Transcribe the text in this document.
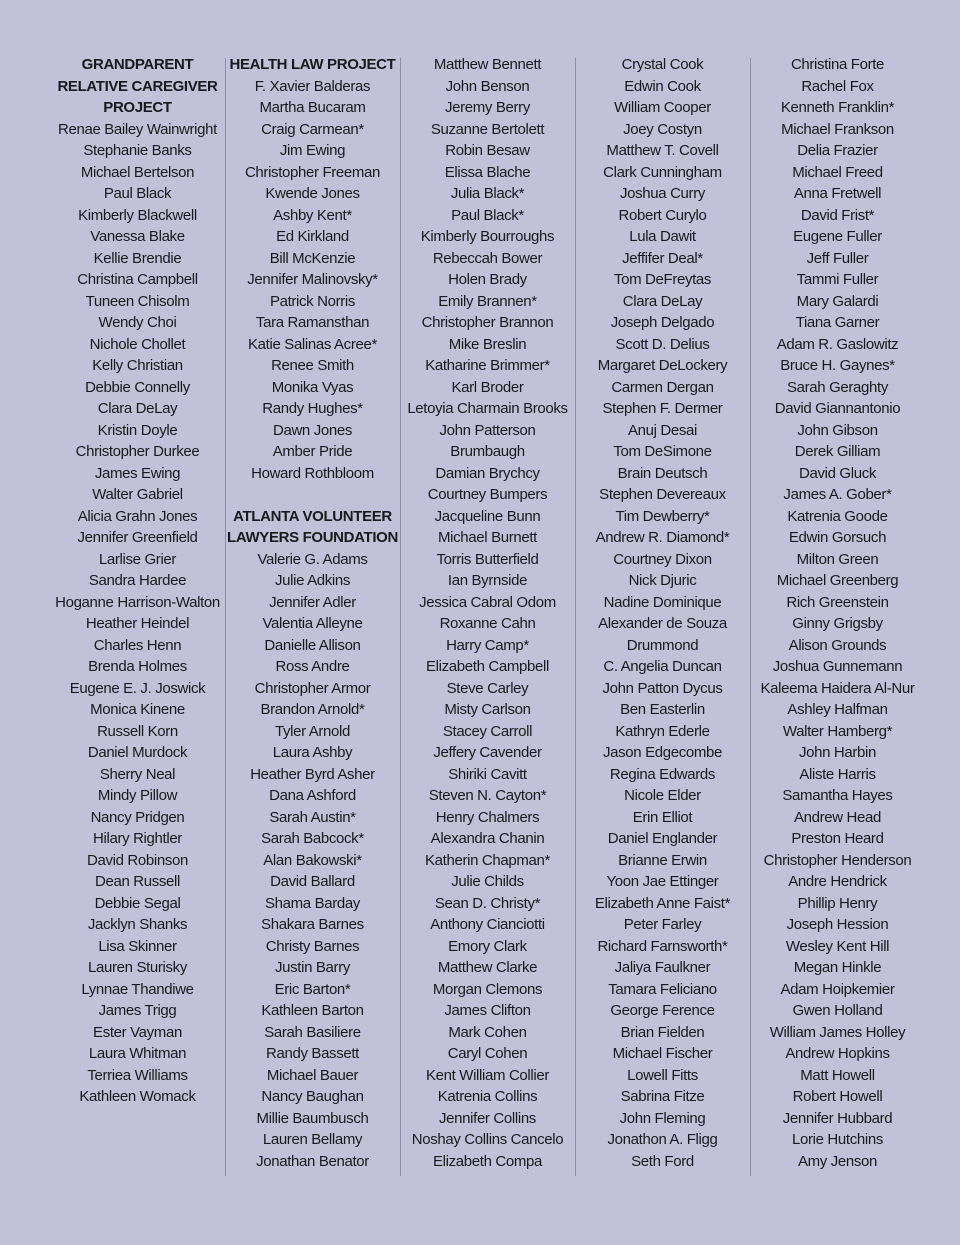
GRANDPARENT
RELATIVE CAREGIVER
PROJECT
Renae Bailey Wainwright
Stephanie Banks
Michael Bertelson
Paul Black
Kimberly Blackwell
Vanessa Blake
Kellie Brendie
Christina Campbell
Tuneen Chisolm
Wendy Choi
Nichole Chollet
Kelly Christian
Debbie Connelly
Clara DeLay
Kristin Doyle
Christopher Durkee
James Ewing
Walter Gabriel
Alicia Grahn Jones
Jennifer Greenfield
Larlise Grier
Sandra Hardee
Hoganne Harrison-Walton
Heather Heindel
Charles Henn
Brenda Holmes
Eugene E. J. Joswick
Monica Kinene
Russell Korn
Daniel Murdock
Sherry Neal
Mindy Pillow
Nancy Pridgen
Hilary Rightler
David Robinson
Dean Russell
Debbie Segal
Jacklyn Shanks
Lisa Skinner
Lauren Sturisky
Lynnae Thandiwe
James Trigg
Ester Vayman
Laura Whitman
Terriea Williams
Kathleen Womack
HEALTH LAW PROJECT
F. Xavier Balderas
Martha Bucaram
Craig Carmean*
Jim Ewing
Christopher Freeman
Kwende Jones
Ashby Kent*
Ed Kirkland
Bill McKenzie
Jennifer Malinovsky*
Patrick Norris
Tara Ramansthan
Katie Salinas Acree*
Renee Smith
Monika Vyas
Randy Hughes*
Dawn Jones
Amber Pride
Howard Rothbloom
ATLANTA VOLUNTEER
LAWYERS FOUNDATION
Valerie G. Adams
Julie Adkins
Jennifer Adler
Valentia Alleyne
Danielle Allison
Ross Andre
Christopher Armor
Brandon Arnold*
Tyler Arnold
Laura Ashby
Heather Byrd Asher
Dana Ashford
Sarah Austin*
Sarah Babcock*
Alan Bakowski*
David Ballard
Shama Barday
Shakara Barnes
Christy Barnes
Justin Barry
Eric Barton*
Kathleen Barton
Sarah Basiliere
Randy Bassett
Michael Bauer
Nancy Baughan
Millie Baumbusch
Lauren Bellamy
Jonathan Benator
Matthew Bennett
John Benson
Jeremy Berry
Suzanne Bertolett
Robin Besaw
Elissa Blache
Julia Black*
Paul Black*
Kimberly Bourroughs
Rebeccah Bower
Holen Brady
Emily Brannen*
Christopher Brannon
Mike Breslin
Katharine Brimmer*
Karl Broder
Letoyia Charmain Brooks
John Patterson
Brumbaugh
Damian Brychcy
Courtney Bumpers
Jacqueline Bunn
Michael Burnett
Torris Butterfield
Ian Byrnside
Jessica Cabral Odom
Roxanne Cahn
Harry Camp*
Elizabeth Campbell
Steve Carley
Misty Carlson
Stacey Carroll
Jeffery Cavender
Shiriki Cavitt
Steven N. Cayton*
Henry Chalmers
Alexandra Chanin
Katherin Chapman*
Julie Childs
Sean D. Christy*
Anthony Cianciotti
Emory Clark
Matthew Clarke
Morgan Clemons
James Clifton
Mark Cohen
Caryl Cohen
Kent William Collier
Katrenia Collins
Jennifer Collins
Noshay Collins Cancelo
Elizabeth Compa
Crystal Cook
Edwin Cook
William Cooper
Joey Costyn
Matthew T. Covell
Clark Cunningham
Joshua Curry
Robert Curylo
Lula Dawit
Jeffifer Deal*
Tom DeFreytas
Clara DeLay
Joseph Delgado
Scott D. Delius
Margaret DeLockery
Carmen Dergan
Stephen F. Dermer
Anuj Desai
Tom DeSimone
Brain Deutsch
Stephen Devereaux
Tim Dewberry*
Andrew R. Diamond*
Courtney Dixon
Nick Djuric
Nadine Dominique
Alexander de Souza
Drummond
C. Angelia Duncan
John Patton Dycus
Ben Easterlin
Kathryn Ederle
Jason Edgecombe
Regina Edwards
Nicole Elder
Erin Elliot
Daniel Englander
Brianne Erwin
Yoon Jae Ettinger
Elizabeth Anne Faist*
Peter Farley
Richard Farnsworth*
Jaliya Faulkner
Tamara Feliciano
George Ference
Brian Fielden
Michael Fischer
Lowell Fitts
Sabrina Fitze
John Fleming
Jonathon A. Fligg
Seth Ford
Christina Forte
Rachel Fox
Kenneth Franklin*
Michael Frankson
Delia Frazier
Michael Freed
Anna Fretwell
David Frist*
Eugene Fuller
Jeff Fuller
Tammi Fuller
Mary Galardi
Tiana Garner
Adam R. Gaslowitz
Bruce H. Gaynes*
Sarah Geraghty
David Giannantonio
John Gibson
Derek Gilliam
David Gluck
James A. Gober*
Katrenia Goode
Edwin Gorsuch
Milton Green
Michael Greenberg
Rich Greenstein
Ginny Grigsby
Alison Grounds
Joshua Gunnemann
Kaleema Haidera Al-Nur
Ashley Halfman
Walter Hamberg*
John Harbin
Aliste Harris
Samantha Hayes
Andrew Head
Preston Heard
Christopher Henderson
Andre Hendrick
Phillip Henry
Joseph Hession
Wesley Kent Hill
Megan Hinkle
Adam Hoipkemier
Gwen Holland
William James Holley
Andrew Hopkins
Matt Howell
Robert Howell
Jennifer Hubbard
Lorie Hutchins
Amy Jenson
